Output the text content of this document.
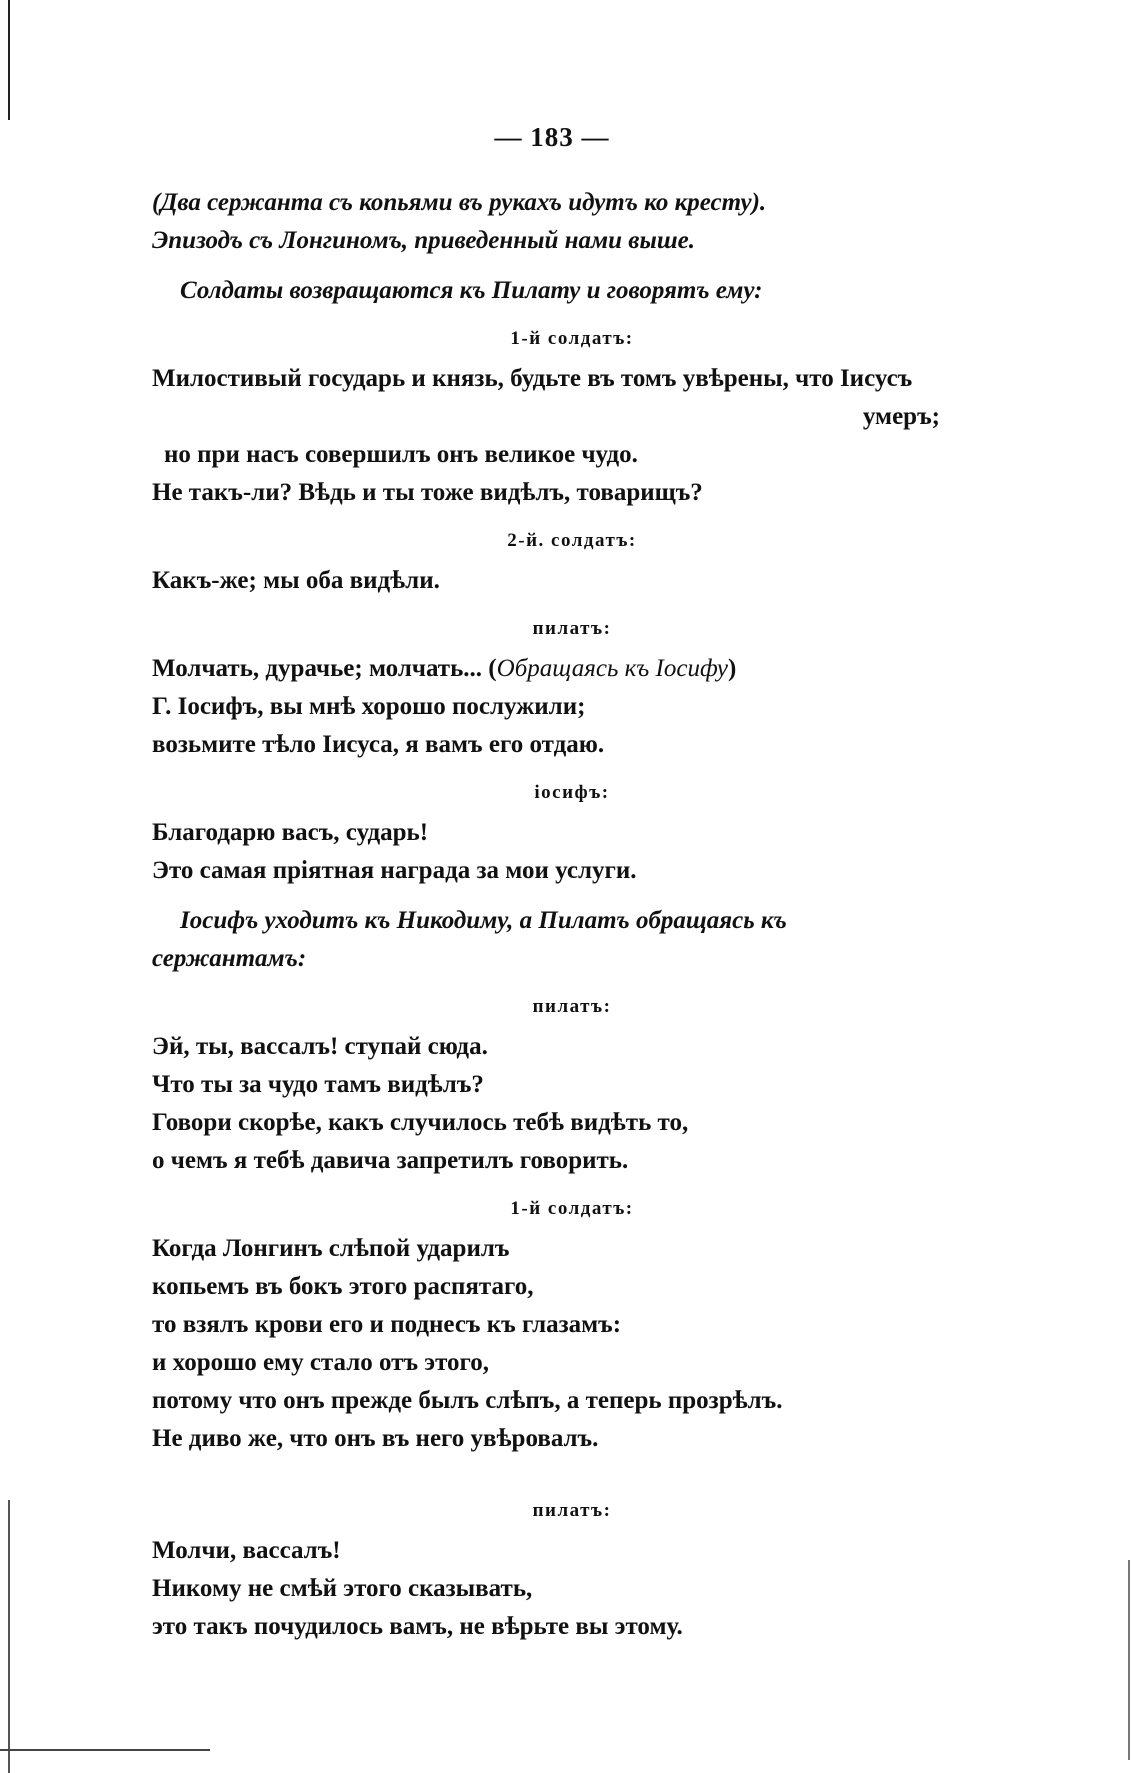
— 183 —

(Два сержанта съ копьями въ рукахъ идутъ ко кресту).

Эпизодъ съ Лонгиномъ, приведенный нами выше.

Солдаты возвращаются къ Пилату и говорятъ ему:

1-й солдатъ:

Милостивый государь и князь, будьте въ томъ увѣрены, что Іисусъ

умеръ;

но при насъ совершилъ онъ великое чудо.

Не такъ-ли? Вѣдь и ты тоже видѣлъ, товарищъ?

2-й. солдатъ:

Какъ-же; мы оба видѣли.

пилатъ:

Молчать, дурачье; молчать... (Обращаясь къ Іосифу)

Г. Іосифъ, вы мнѣ хорошо послужили;

возьмите тѣло Іисуса, я вамъ его отдаю.

іосифъ:

Благодарю васъ, сударь!

Это самая пріятная награда за мои услуги.

Іосифъ уходитъ къ Никодиму, а Пилатъ обращаясь къ

сержантамъ:

пилатъ:

Эй, ты, вассалъ! ступай сюда.

Что ты за чудо тамъ видѣлъ?

Говори скорѣе, какъ случилось тебѣ видѣть то,

о чемъ я тебѣ давича запретилъ говорить.

1-й солдатъ:

Когда Лонгинъ слѣпой ударилъ

копьемъ въ бокъ этого распятаго,

то взялъ крови его и поднесъ къ глазамъ:

и хорошо ему стало отъ этого,

потому что онъ прежде былъ слѣпъ, а теперь прозрѣлъ.

Не диво же, что онъ въ него увѣровалъ.

пилатъ:

Молчи, вассалъ!

Никому не смѣй этого сказывать,

это такъ почудилось вамъ, не вѣрьте вы этому.
